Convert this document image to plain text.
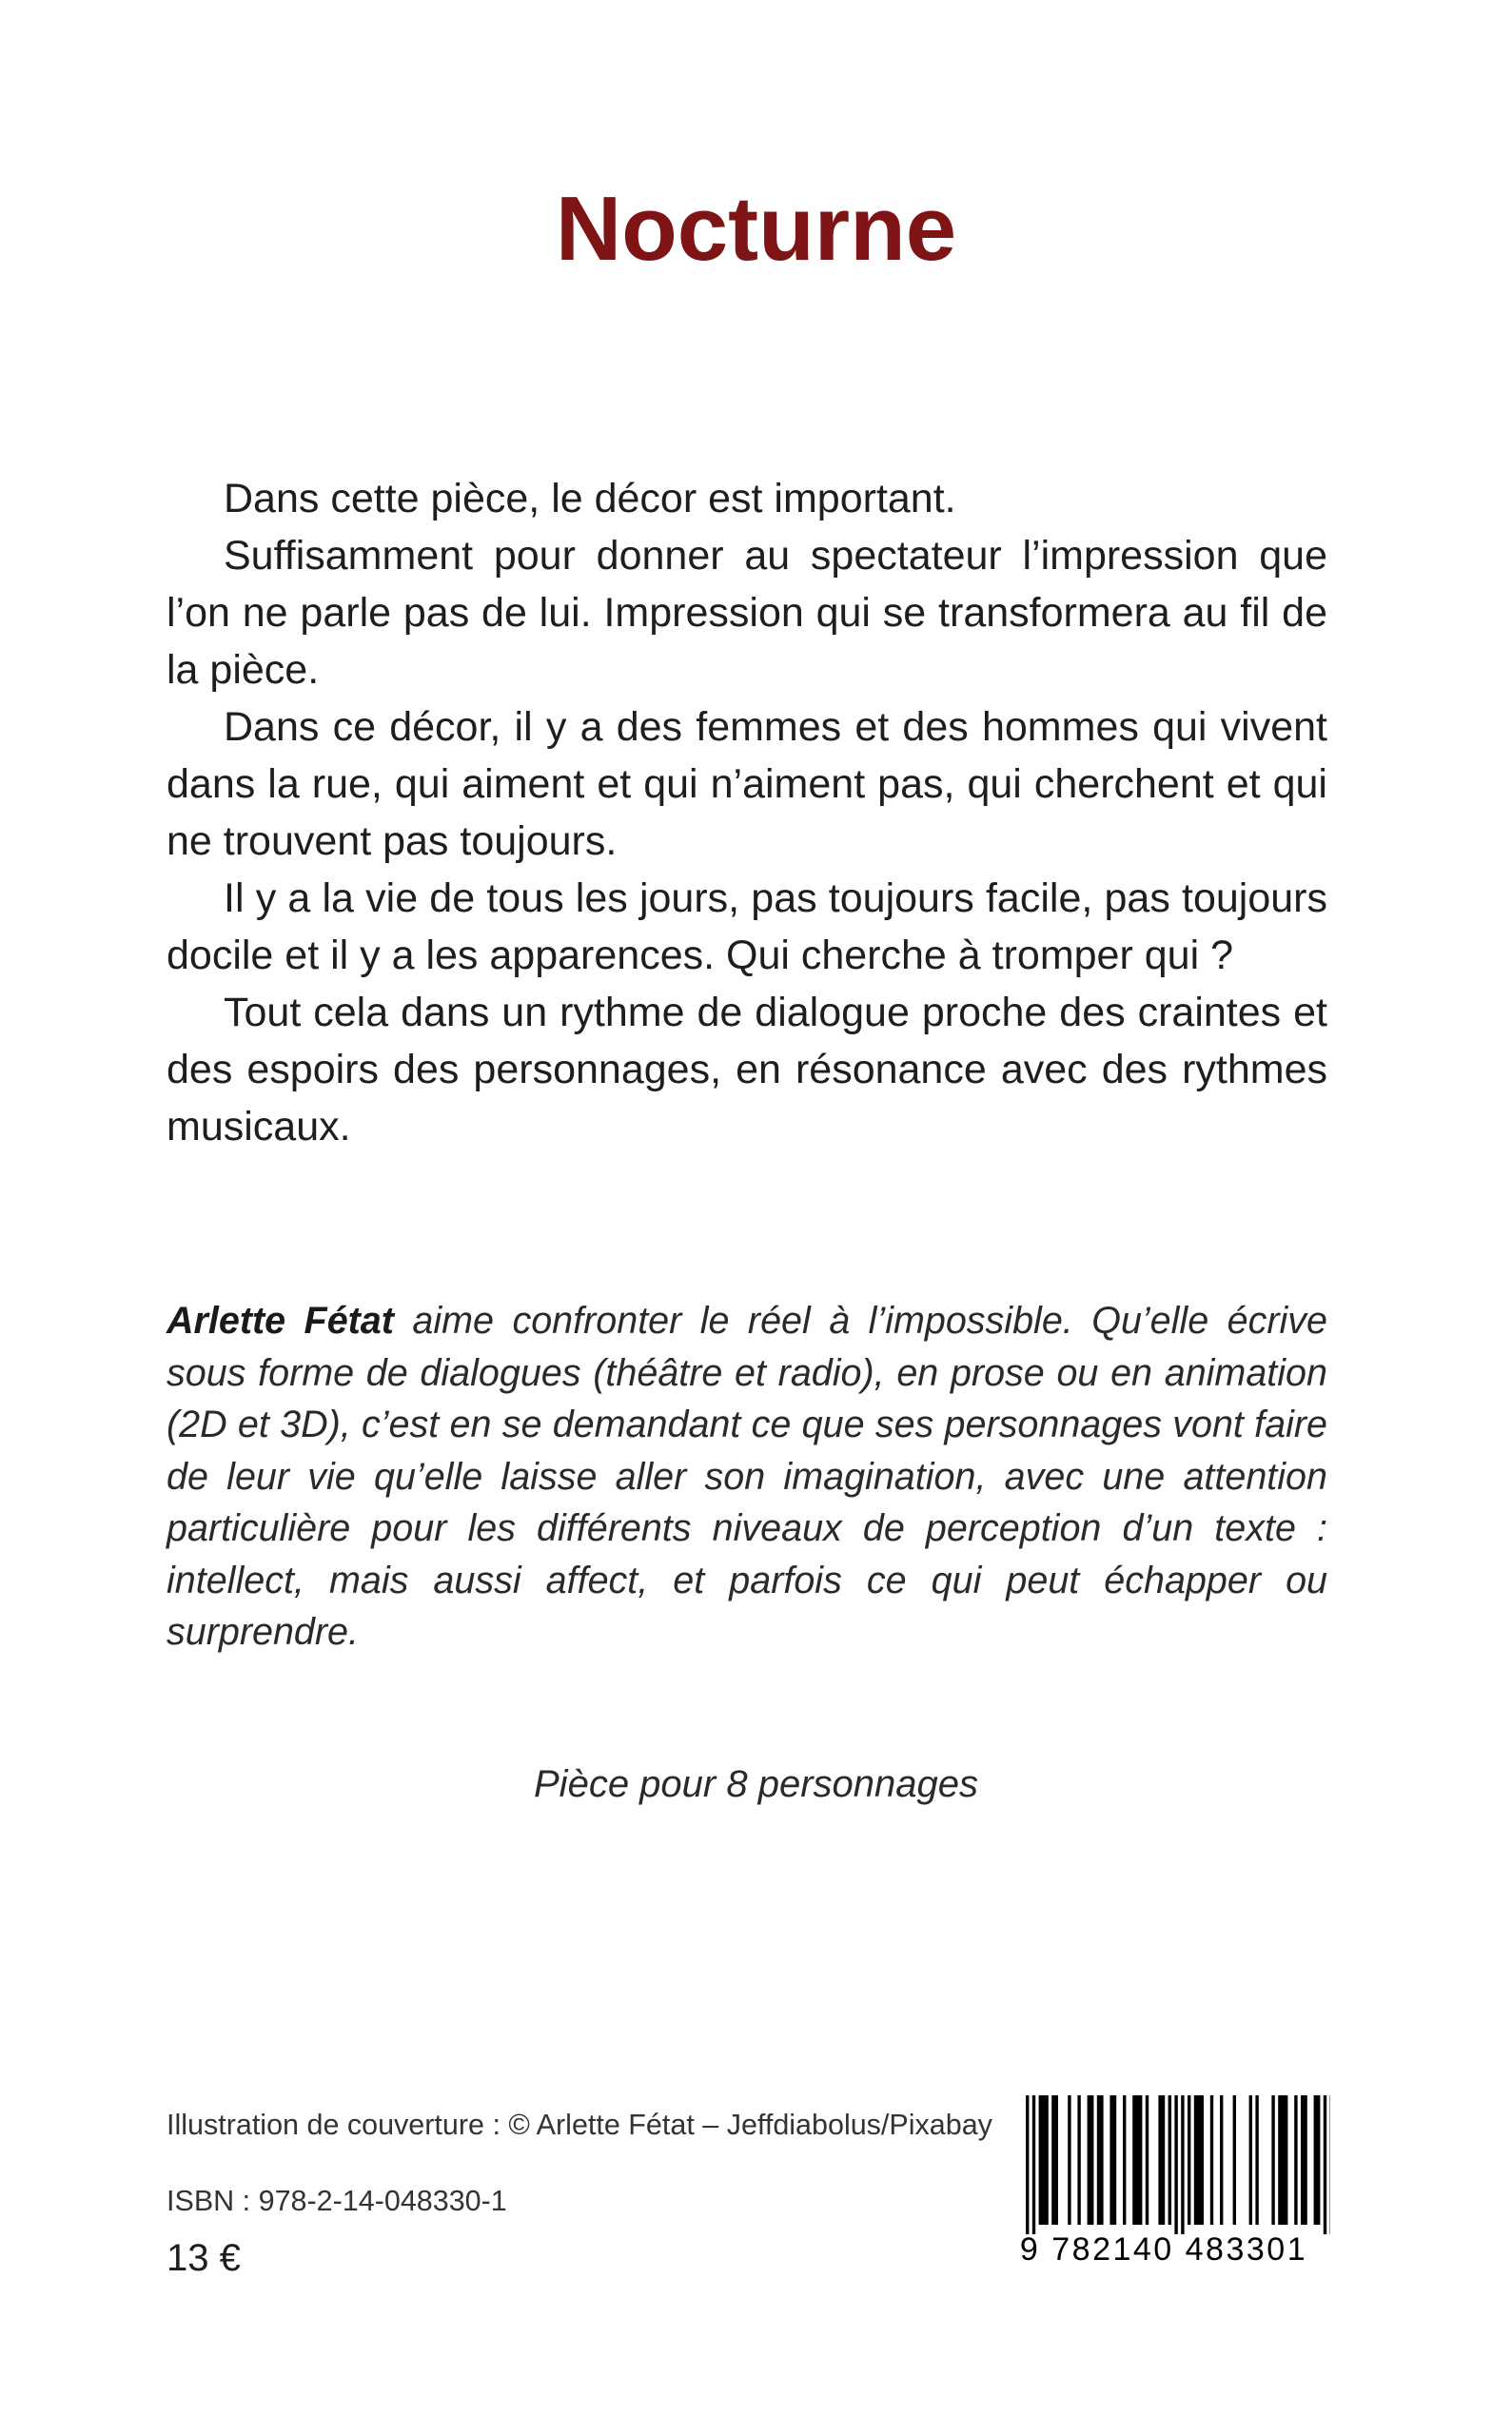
Nocturne

Dans cette pièce, le décor est important.

Suffisamment pour donner au spectateur l’impression que l’on ne parle pas de lui. Impression qui se transformera au fil de la pièce.

Dans ce décor, il y a des femmes et des hommes qui vivent dans la rue, qui aiment et qui n’aiment pas, qui cherchent et qui ne trouvent pas toujours.

Il y a la vie de tous les jours, pas toujours facile, pas toujours docile et il y a les apparences. Qui cherche à tromper qui ?

Tout cela dans un rythme de dialogue proche des craintes et des espoirs des personnages, en résonance avec des rythmes musicaux.

Arlette Fétat aime confronter le réel à l’impossible. Qu’elle écrive sous forme de dialogues (théâtre et radio), en prose ou en animation (2D et 3D), c’est en se demandant ce que ses personnages vont faire de leur vie qu’elle laisse aller son imagination, avec une attention particulière pour les différents niveaux de perception d’un texte : intellect, mais aussi affect, et parfois ce qui peut échapper ou surprendre.

Pièce pour 8 personnages
Illustration de couverture : © Arlette Fétat – Jeffdiabolus/Pixabay
ISBN : 978-2-14-048330-1
13 €	9 782140 483301
